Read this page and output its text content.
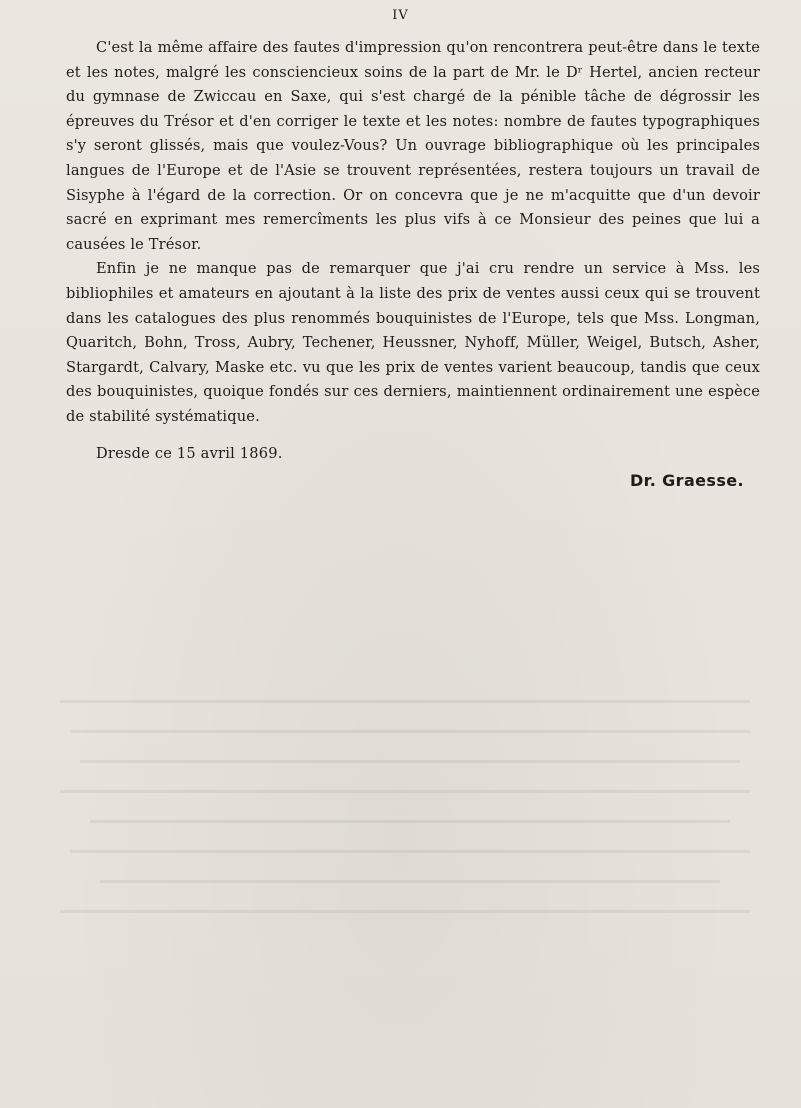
IV

C'est la même affaire des fautes d'impression qu'on rencontrera peut-être dans le texte et les notes, malgré les consciencieux soins de la part de Mr. le Dʳ Hertel, ancien recteur du gymnase de Zwiccau en Saxe, qui s'est chargé de la pénible tâche de dégrossir les épreuves du Trésor et d'en corriger le texte et les notes: nombre de fautes typographiques s'y seront glissés, mais que voulez-Vous? Un ouvrage bibliographique où les principales langues de l'Europe et de l'Asie se trouvent représentées, restera toujours un travail de Sisyphe à l'égard de la correction. Or on concevra que je ne m'acquitte que d'un devoir sacré en exprimant mes remercîments les plus vifs à ce Monsieur des peines que lui a causées le Trésor.

Enfin je ne manque pas de remarquer que j'ai cru rendre un service à Mss. les bibliophiles et amateurs en ajoutant à la liste des prix de ventes aussi ceux qui se trouvent dans les catalogues des plus renommés bouquinistes de l'Europe, tels que Mss. Longman, Quaritch, Bohn, Tross, Aubry, Techener, Heussner, Nyhoff, Müller, Weigel, Butsch, Asher, Stargardt, Calvary, Maske etc. vu que les prix de ventes varient beaucoup, tandis que ceux des bouquinistes, quoique fondés sur ces derniers, maintiennent ordinairement une espèce de stabilité systématique.

Dresde ce 15 avril 1869.

Dr. Graesse.
